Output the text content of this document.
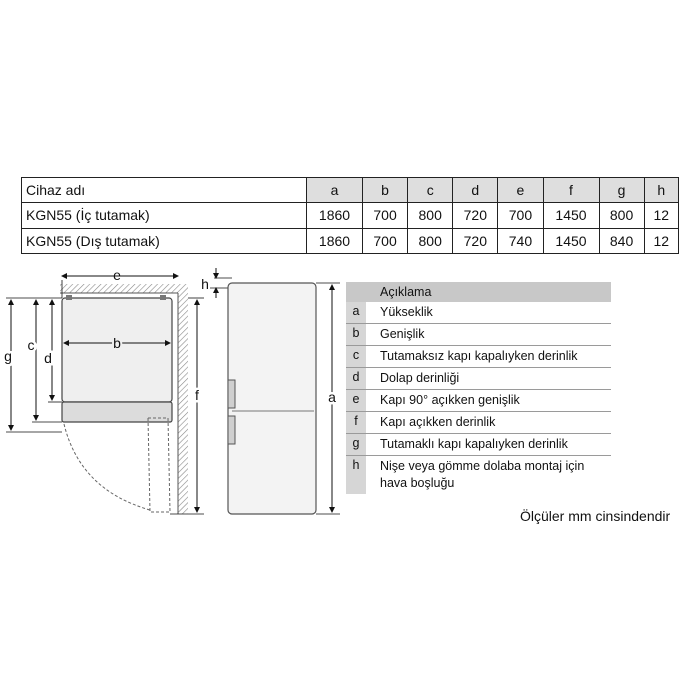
Cihaz adı	a	b	c	d	e	f	g	h
KGN55 (İç tutamak)	1860	700	800	720	700	1450	800	12
KGN55 (Dış tutamak)	1860	700	800	720	740	1450	840	12
e
b
c
d
g
f
h
a
Açıklama
a	Yükseklik
b	Genişlik
c	Tutamaksız kapı kapalıyken derinlik
d	Dolap derinliği
e	Kapı 90° açıkken genişlik
f	Kapı açıkken derinlik
g	Tutamaklı kapı kapalıyken derinlik
h	Nişe veya gömme dolaba montaj için hava boşluğu
Ölçüler mm cinsindendir
